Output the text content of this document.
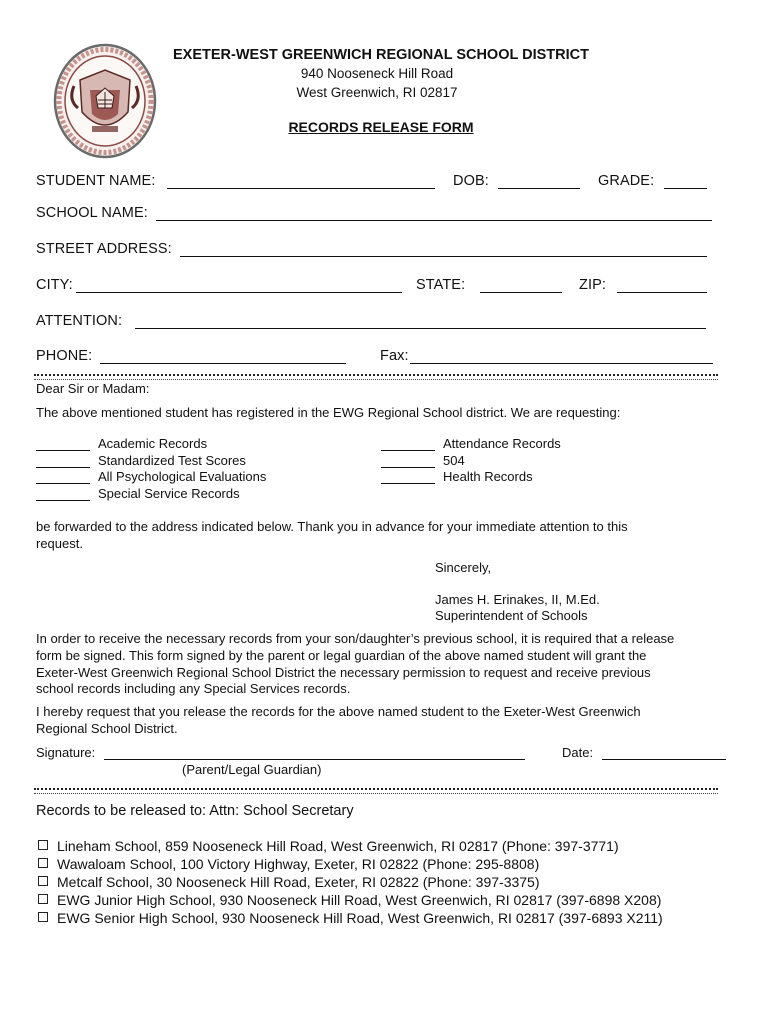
EXETER-WEST GREENWICH REGIONAL SCHOOL DISTRICT
940 Nooseneck Hill Road
West Greenwich, RI 02817
RECORDS RELEASE FORM
STUDENT NAME:	DOB:	GRADE:
SCHOOL NAME:
STREET ADDRESS:
CITY:	STATE:	ZIP:
ATTENTION:
PHONE:	Fax:
Dear Sir or Madam:
The above mentioned student has registered in the EWG Regional School district. We are requesting:
Academic Records
Standardized Test Scores
All Psychological Evaluations
Special Service Records
Attendance Records
504
Health Records
be forwarded to the address indicated below. Thank you in advance for your immediate attention to this
request.
Sincerely,
James H. Erinakes, II, M.Ed.
Superintendent of Schools
In order to receive the necessary records from your son/daughter’s previous school, it is required that a release
form be signed. This form signed by the parent or legal guardian of the above named student will grant the
Exeter-West Greenwich Regional School District the necessary permission to request and receive previous
school records including any Special Services records.
I hereby request that you release the records for the above named student to the Exeter-West Greenwich
Regional School District.
Signature:	Date:
(Parent/Legal Guardian)
Records to be released to: Attn: School Secretary
Lineham School, 859 Nooseneck Hill Road, West Greenwich, RI 02817 (Phone: 397-3771)
Wawaloam School, 100 Victory Highway, Exeter, RI 02822 (Phone: 295-8808)
Metcalf School, 30 Nooseneck Hill Road, Exeter, RI 02822 (Phone: 397-3375)
EWG Junior High School, 930 Nooseneck Hill Road, West Greenwich, RI 02817 (397-6898 X208)
EWG Senior High School, 930 Nooseneck Hill Road, West Greenwich, RI 02817 (397-6893 X211)
